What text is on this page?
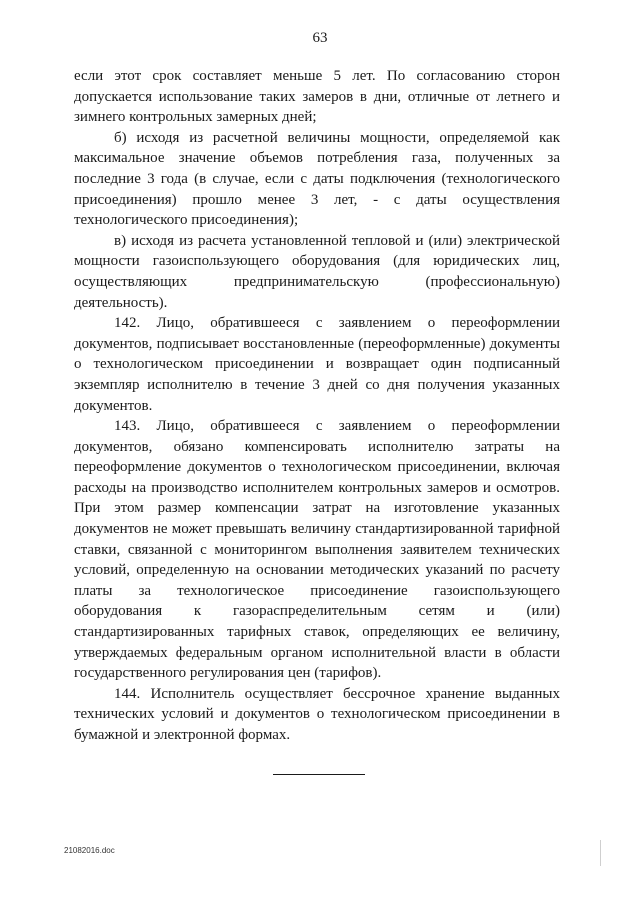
63

если этот срок составляет меньше 5 лет. По согласованию сторон допускается использование таких замеров в дни, отличные от летнего и зимнего контрольных замерных дней;

б) исходя из расчетной величины мощности, определяемой как максимальное значение объемов потребления газа, полученных за последние 3 года (в случае, если с даты подключения (технологического присоединения) прошло менее 3 лет, - с даты осуществления технологического присоединения);

в) исходя из расчета установленной тепловой и (или) электрической мощности газоиспользующего оборудования (для юридических лиц, осуществляющих предпринимательскую (профессиональную) деятельность).

142. Лицо, обратившееся с заявлением о переоформлении документов, подписывает восстановленные (переоформленные) документы о технологическом присоединении и возвращает один подписанный экземпляр исполнителю в течение 3 дней со дня получения указанных документов.

143. Лицо, обратившееся с заявлением о переоформлении документов, обязано компенсировать исполнителю затраты на переоформление документов о технологическом присоединении, включая расходы на производство исполнителем контрольных замеров и осмотров. При этом размер компенсации затрат на изготовление указанных документов не может превышать величину стандартизированной тарифной ставки, связанной с мониторингом выполнения заявителем технических условий, определенную на основании методических указаний по расчету платы за технологическое присоединение газоиспользующего оборудования к газораспределительным сетям и (или) стандартизированных тарифных ставок, определяющих ее величину, утверждаемых федеральным органом исполнительной власти в области государственного регулирования цен (тарифов).

144. Исполнитель осуществляет бессрочное хранение выданных технических условий и документов о технологическом присоединении в бумажной и электронной формах.

21082016.doc
